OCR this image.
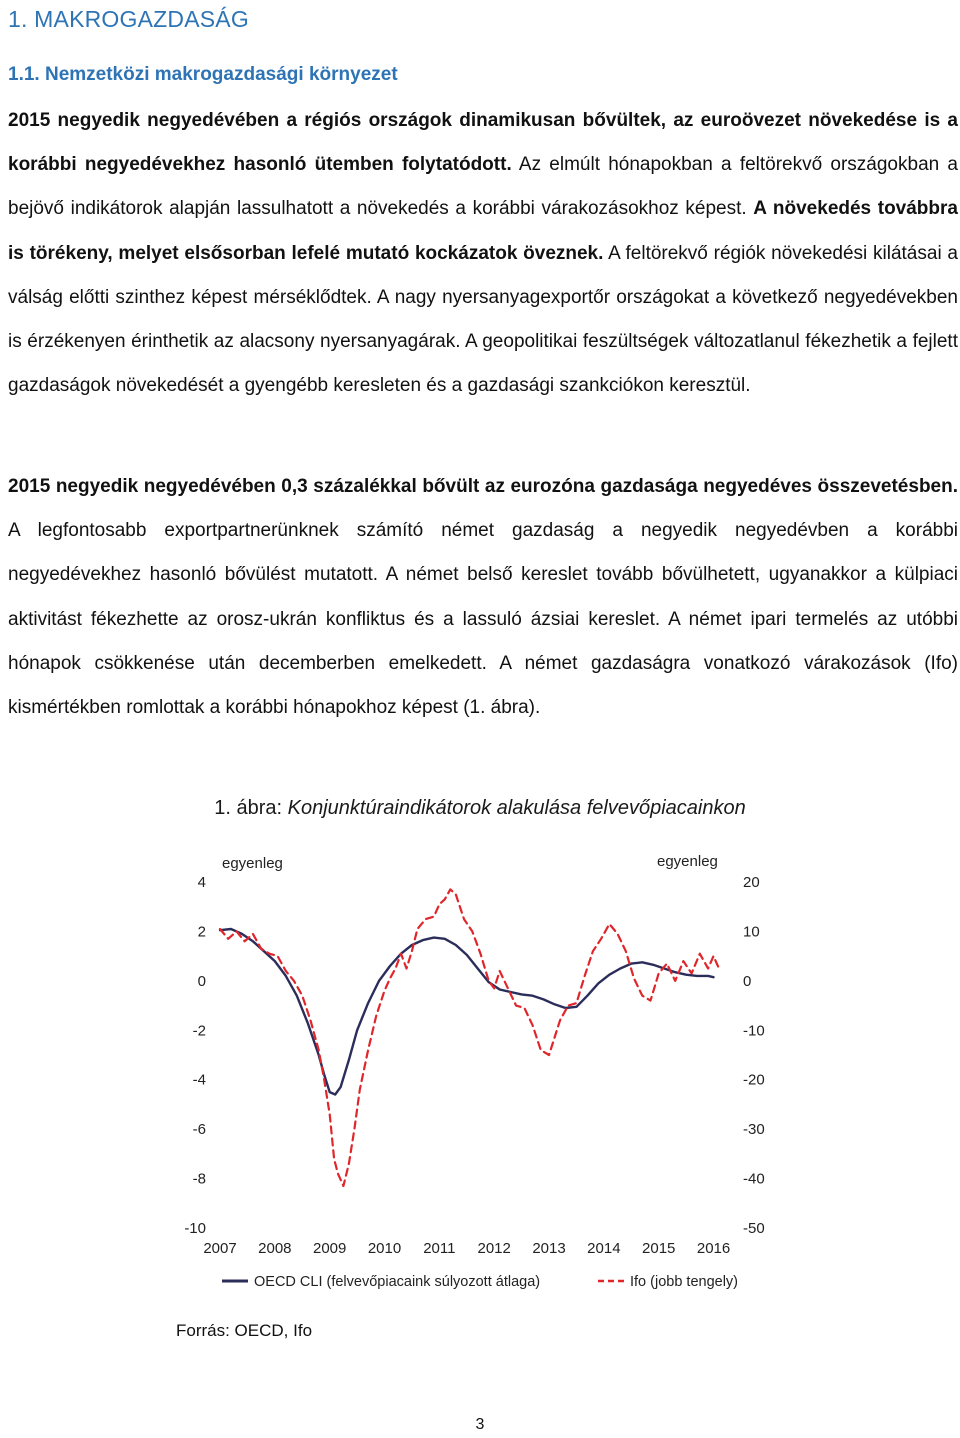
1. MAKROGAZDASÁG
1.1. Nemzetközi makrogazdasági környezet

2015 negyedik negyedévében a régiós országok dinamikusan bővültek, az euroövezet növekedése is a korábbi negyedévekhez hasonló ütemben folytatódott. Az elmúlt hónapokban a feltörekvő országokban a bejövő indikátorok alapján lassulhatott a növekedés a korábbi várakozásokhoz képest. A növekedés továbbra is törékeny, melyet elsősorban lefelé mutató kockázatok öveznek. A feltörekvő régiók növekedési kilátásai a válság előtti szinthez képest mérséklődtek. A nagy nyersanyagexportőr országokat a következő negyedévekben is érzékenyen érinthetik az alacsony nyersanyagárak. A geopolitikai feszültségek változatlanul fékezhetik a fejlett gazdaságok növekedését a gyengébb keresleten és a gazdasági szankciókon keresztül.

2015 negyedik negyedévében 0,3 százalékkal bővült az eurozóna gazdasága negyedéves összevetésben. A legfontosabb exportpartnerünknek számító német gazdaság a negyedik negyedévben a korábbi negyedévekhez hasonló bővülést mutatott. A német belső kereslet tovább bővülhetett, ugyanakkor a külpiaci aktivitást fékezhette az orosz-ukrán konfliktus és a lassuló ázsiai kereslet. A német ipari termelés az utóbbi hónapok csökkenése után decemberben emelkedett. A német gazdaságra vonatkozó várakozások (Ifo) kismértékben romlottak a korábbi hónapokhoz képest (1. ábra).

1. ábra: Konjunktúraindikátorok alakulása felvevőpiacainkon
egyenleg	egyenleg
4
2
0
-2
-4
-6
-8
-10
20
10
0
-10
-20
-30
-40
-50
2007 2008 2009 2010 2011 2012 2013 2014 2015 2016
OECD CLI (felvevőpiacaink súlyozott átlaga)	Ifo (jobb tengely)
Forrás: OECD, Ifo
3
